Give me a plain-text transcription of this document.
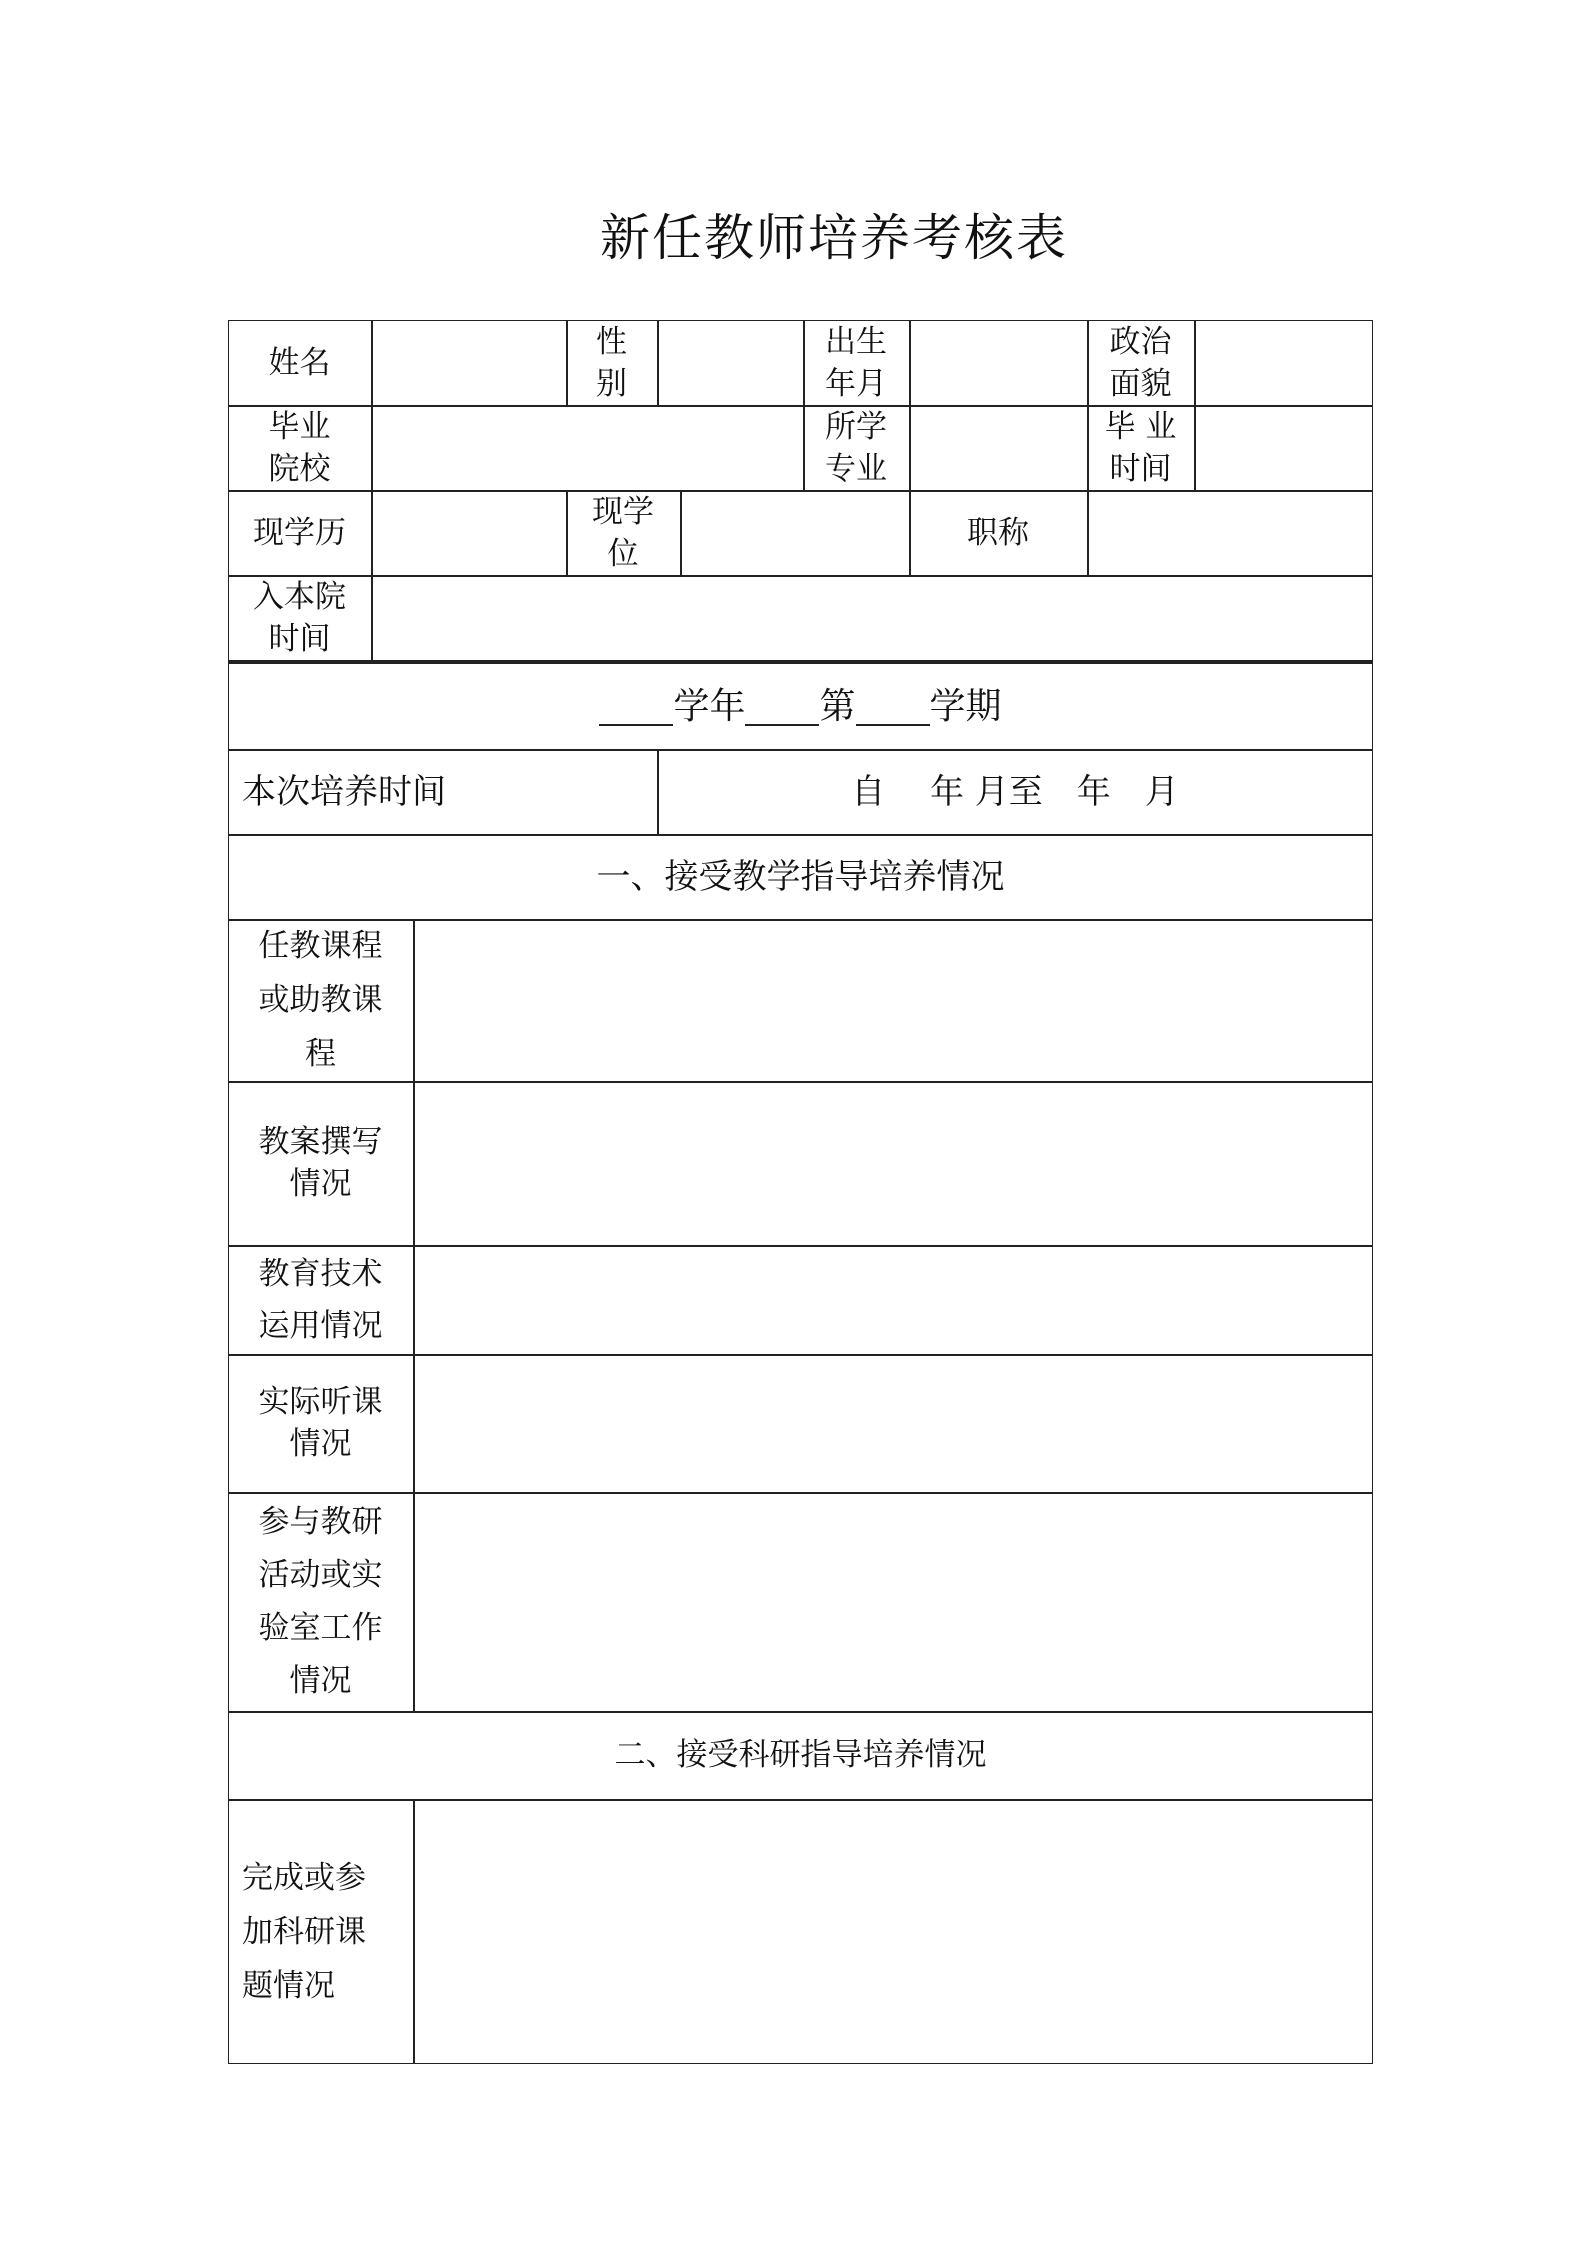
新任教师培养考核表
姓名
性
别
出生
年月
政治
面貌
毕业
院校
所学
专业
毕 业
时间
现学历
现学
位
职称
入本院
时间
学年 第 学期
本次培养时间	自　 年 月至　年　月
一、接受教学指导培养情况
任教课程
或助教课
程
教案撰写
情况
教育技术
运用情况
实际听课
情况
参与教研
活动或实
验室工作
情况
二、接受科研指导培养情况
完成或参
加科研课
题情况
